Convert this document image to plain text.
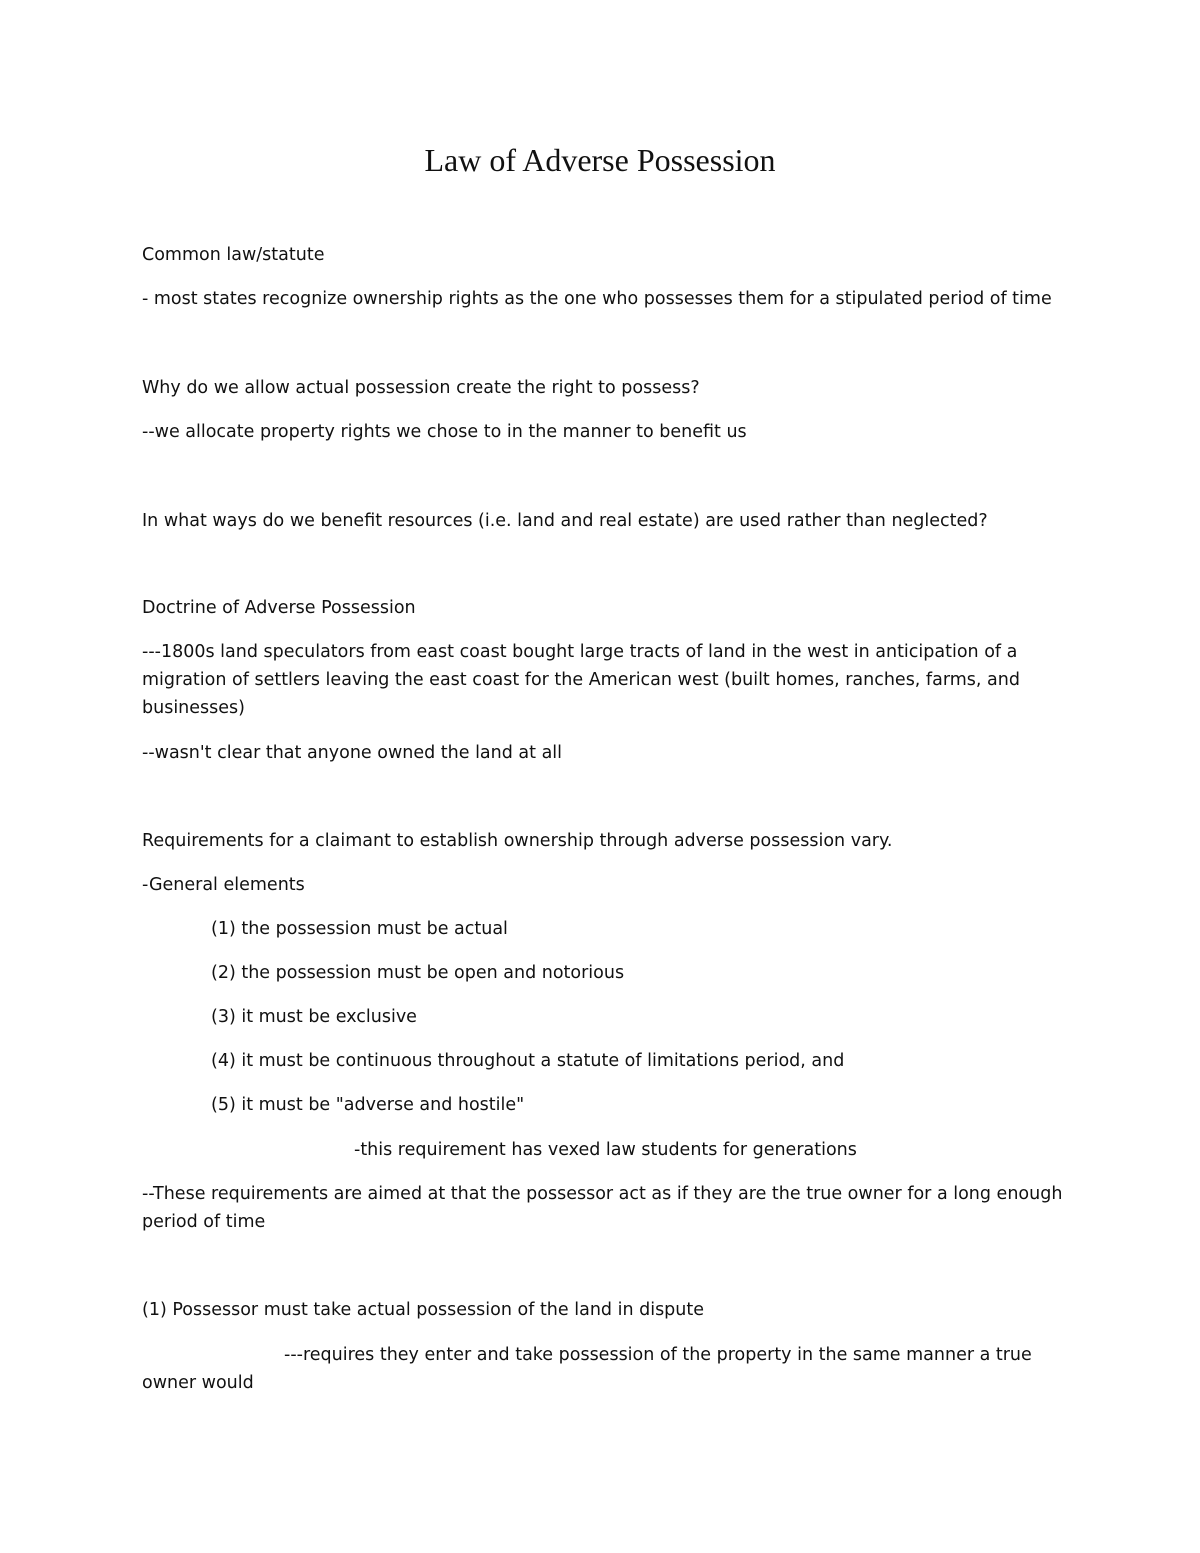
Law of Adverse Possession
Common law/statute
- most states recognize ownership rights as the one who possesses them for a stipulated period of time
Why do we allow actual possession create the right to possess?
--we allocate property rights we chose to in the manner to benefit us
In what ways do we benefit resources (i.e. land and real estate) are used rather than neglected?
Doctrine of Adverse Possession
---1800s land speculators from east coast bought large tracts of land in the west in anticipation of a
migration of settlers leaving the east coast for the American west (built homes, ranches, farms, and
businesses)
--wasn't clear that anyone owned the land at all
Requirements for a claimant to establish ownership through adverse possession vary.
-General elements
(1) the possession must be actual
(2) the possession must be open and notorious
(3) it must be exclusive
(4) it must be continuous throughout a statute of limitations period, and
(5) it must be "adverse and hostile"
-this requirement has vexed law students for generations
--These requirements are aimed at that the possessor act as if they are the true owner for a long enough
period of time
(1) Possessor must take actual possession of the land in dispute
---requires they enter and take possession of the property in the same manner a true
owner would
